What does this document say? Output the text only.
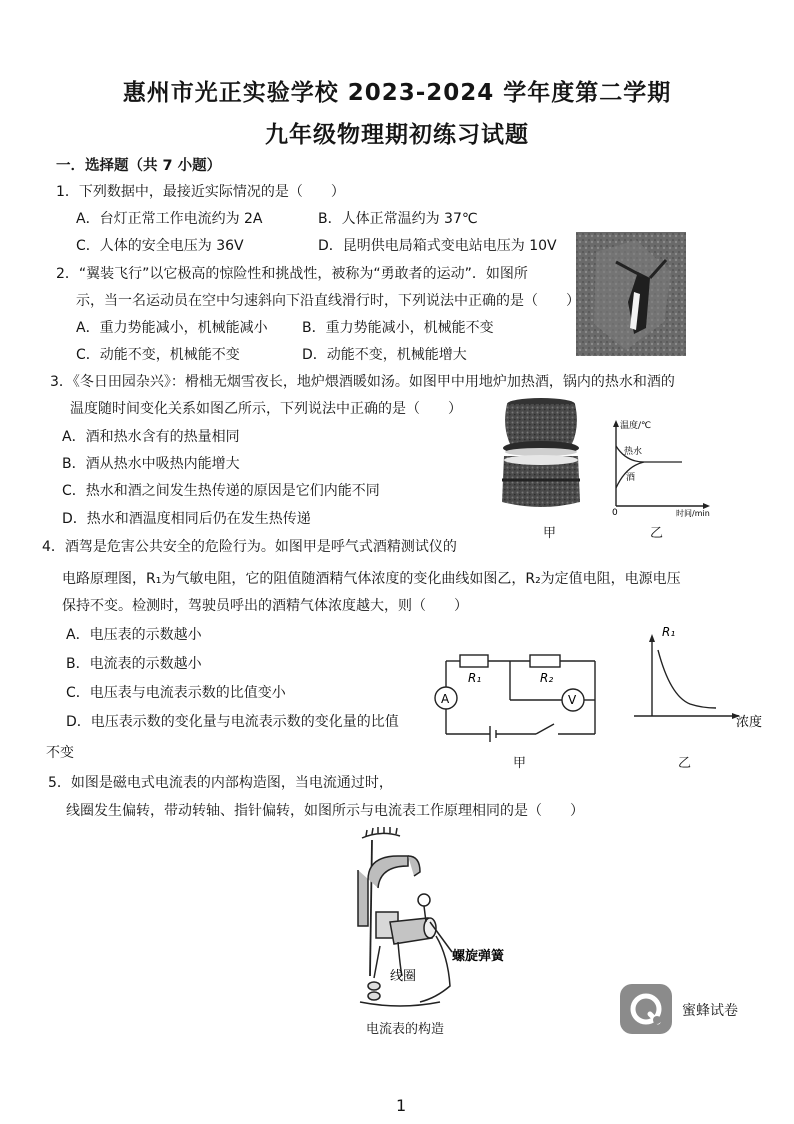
惠州市光正实验学校 2023-2024 学年度第二学期
九年级物理期初练习试题
一．选择题（共 7 小题）
1．下列数据中，最接近实际情况的是（　　）
A．台灯正常工作电流约为 2A	B．人体正常温约为 37℃
C．人体的安全电压为 36V	D．昆明供电局箱式变电站电压为 10V
2．“翼装飞行”以它极高的惊险性和挑战性，被称为“勇敢者的运动”．如图所
示，当一名运动员在空中匀速斜向下沿直线滑行时，下列说法中正确的是（　　）
A．重力势能减小，机械能减小 B．重力势能减小，机械能不变
C．动能不变，机械能不变	D．动能不变，机械能增大
3．《冬日田园杂兴》：榾柮无烟雪夜长，地炉煨酒暖如汤。如图甲中用地炉加热酒，锅内的热水和酒的
温度随时间变化关系如图乙所示，下列说法中正确的是（　　）
A．酒和热水含有的热量相同
B．酒从热水中吸热内能增大
C．热水和酒之间发生热传递的原因是它们内能不同
D．热水和酒温度相同后仍在发生热传递
甲
温度/℃
热水
酒
0	时间/min
乙
4．酒驾是危害公共安全的危险行为。如图甲是呼气式酒精测试仪的
电路原理图，R₁为气敏电阻，它的阻值随酒精气体浓度的变化曲线如图乙，R₂为定值电阻，电源电压
保持不变。检测时，驾驶员呼出的酒精气体浓度越大，则（　　）
A．电压表的示数越小
B．电流表的示数越小
C．电压表与电流表示数的比值变小
D．电压表示数的变化量与电流表示数的变化量的比值
不变
A	V
R₁	R₂
甲
R₁
浓度
乙
5．如图是磁电式电流表的内部构造图，当电流通过时，
线圈发生偏转，带动转轴、指针偏转，如图所示与电流表工作原理相同的是（　　）
螺旋弹簧
线圈
电流表的构造
蜜蜂试卷
1
